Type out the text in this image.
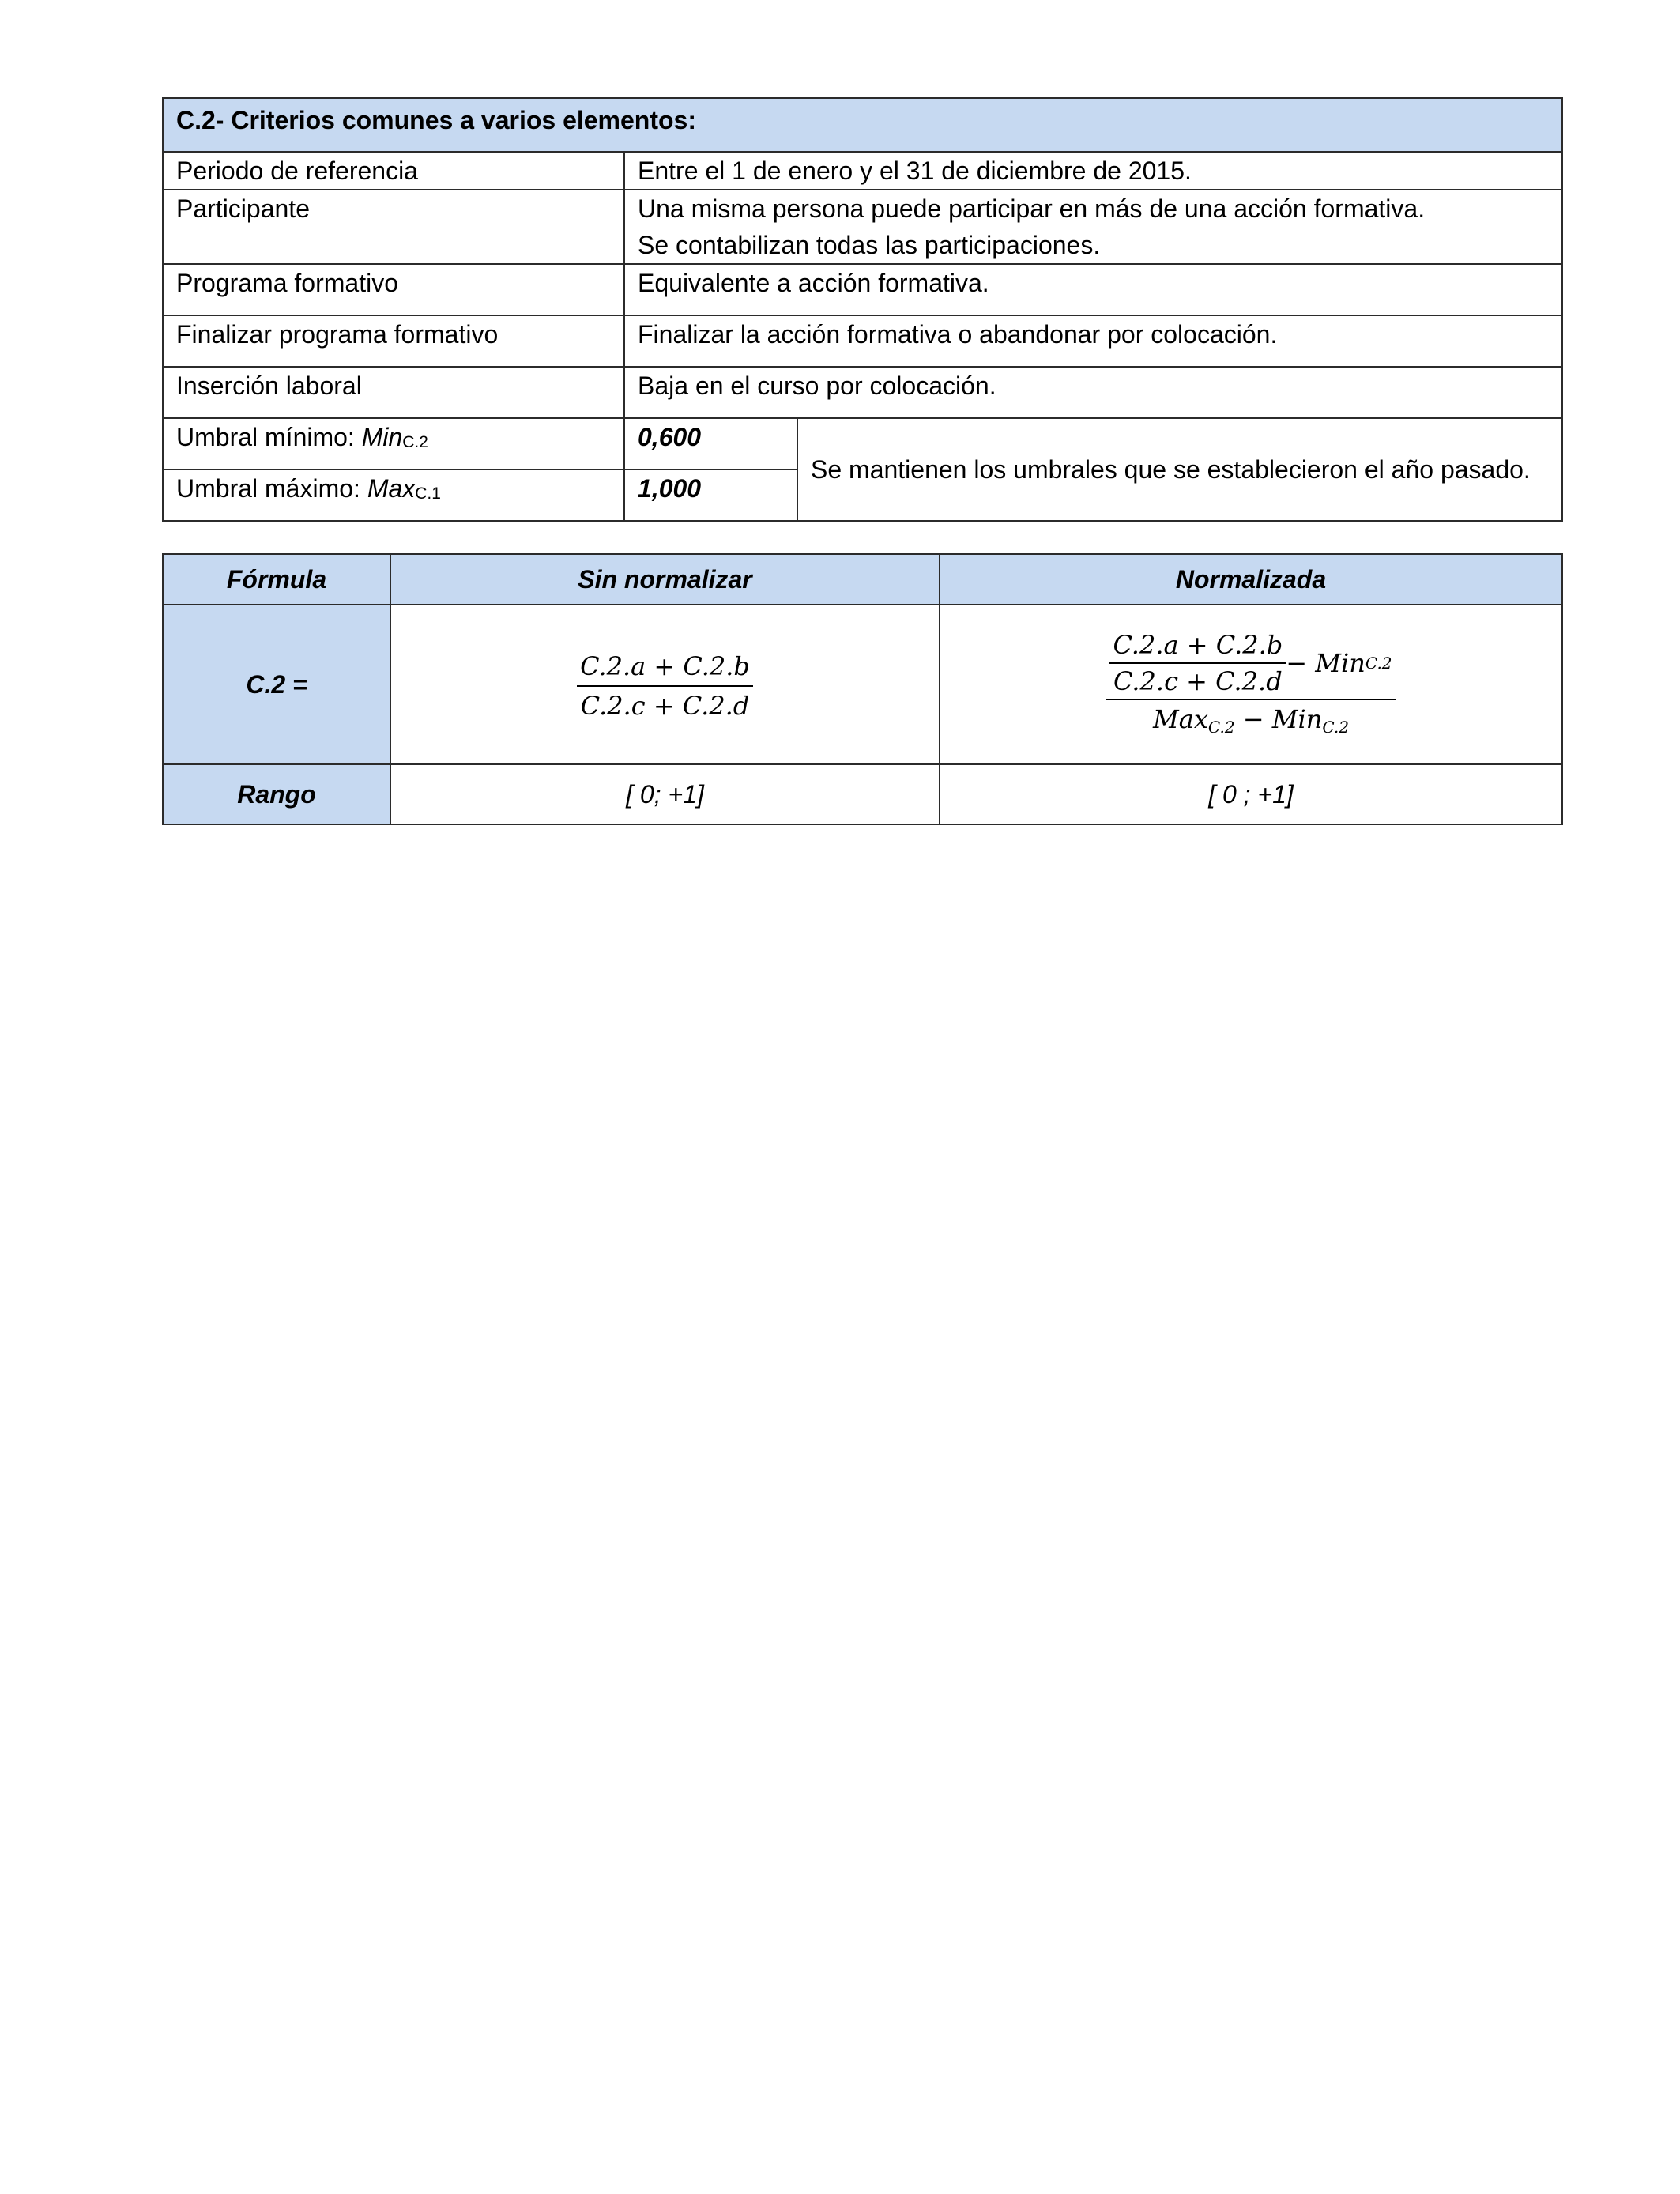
C.2- Criterios comunes a varios elementos:		
Periodo de referencia	Entre el 1 de enero y el 31 de diciembre de 2015.	
Participante	Una misma persona puede participar en más de una acción formativa.
Se contabilizan todas las participaciones.	

Programa formativo	Equivalente a acción formativa.	
Finalizar programa formativo	Finalizar la acción formativa o abandonar por colocación.	
Inserción laboral	Baja en el curso por colocación.	
Umbral mínimo: MinC.2	0,600	Se mantienen los umbrales que se establecieron el año pasado.

Umbral máximo: MaxC.1	1,000	
Fórmula	Sin normalizar	Normalizada
C.2 =	$\frac{C.2.a + C.2.b}{C.2.c + C.2.d}$	$\frac{C.2.a + C.2.b}{C.2.c + C.2.d}$ − Min C.2
MaxC.2 − MinC.2

Rango	[ 0; +1]	[ 0 ; +1]
